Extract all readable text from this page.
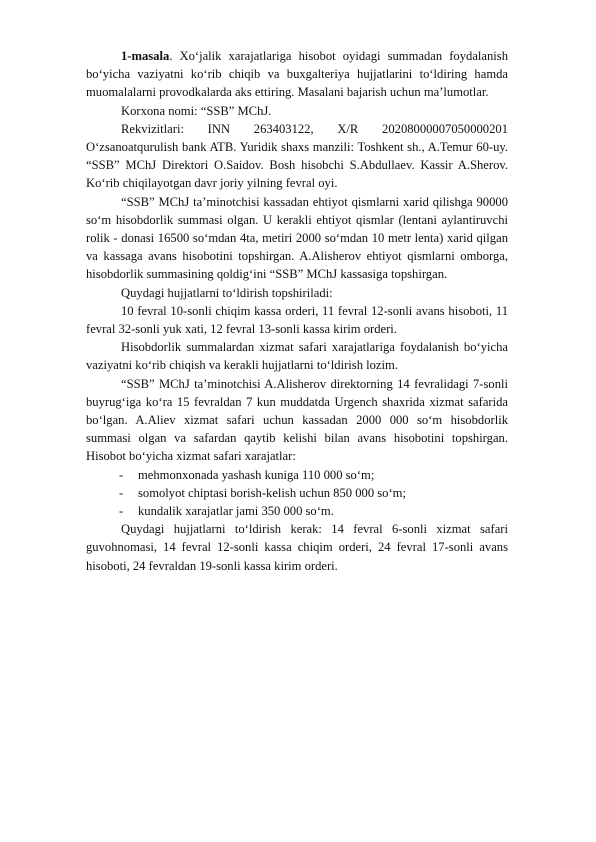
1-masala. Xo‘jalik xarajatlariga hisobot oyidagi summadan foydalanish bo‘yicha vaziyatni ko‘rib chiqib va buxgalteriya hujjatlarini to‘ldiring hamda muomalalarni provodkalarda aks ettiring. Masalani bajarish uchun ma’lumotlar.

Korxona nomi: “SSB” MChJ.

Rekvizitlari: INN 263403122, X/R 20208000007050000201

O‘zsanoatqurulish bank ATB. Yuridik shaxs manzili: Toshkent sh., A.Temur 60-uy. “SSB” MChJ Direktori O.Saidov. Bosh hisobchi S.Abdullaev. Kassir A.Sherov. Ko‘rib chiqilayotgan davr joriy yilning fevral oyi.

“SSB” MChJ ta’minotchisi kassadan ehtiyot qismlarni xarid qilishga 90000 so‘m hisobdorlik summasi olgan. U kerakli ehtiyot qismlar (lentani aylantiruvchi rolik - donasi 16500 so‘mdan 4ta, metiri 2000 so‘mdan 10 metr lenta) xarid qilgan va kassaga avans hisobotini topshirgan. A.Alisherov ehtiyot qismlarni omborga, hisobdorlik summasining qoldig‘ini “SSB” MChJ kassasiga topshirgan.

Quydagi hujjatlarni to‘ldirish topshiriladi:

10 fevral 10-sonli chiqim kassa orderi, 11 fevral 12-sonli avans hisoboti, 11 fevral 32-sonli yuk xati, 12 fevral 13-sonli kassa kirim orderi.

Hisobdorlik summalardan xizmat safari xarajatlariga foydalanish bo‘yicha vaziyatni ko‘rib chiqish va kerakli hujjatlarni to‘ldirish lozim.

“SSB” MChJ ta’minotchisi A.Alisherov direktorning 14 fevralidagi 7-sonli buyrug‘iga ko‘ra 15 fevraldan 7 kun muddatda Urgench shaxrida xizmat safarida bo‘lgan. A.Aliev xizmat safari uchun kassadan 2000 000 so‘m hisobdorlik summasi olgan va safardan qaytib kelishi bilan avans hisobotini topshirgan. Hisobot bo‘yicha xizmat safari xarajatlar:

- mehmonxonada yashash kuniga 110 000 so‘m;
- somolyot chiptasi borish-kelish uchun 850 000 so‘m;
- kundalik xarajatlar jami 350 000 so‘m.

Quydagi hujjatlarni to‘ldirish kerak: 14 fevral 6-sonli xizmat safari guvohnomasi, 14 fevral 12-sonli kassa chiqim orderi, 24 fevral 17-sonli avans hisoboti, 24 fevraldan 19-sonli kassa kirim orderi.
